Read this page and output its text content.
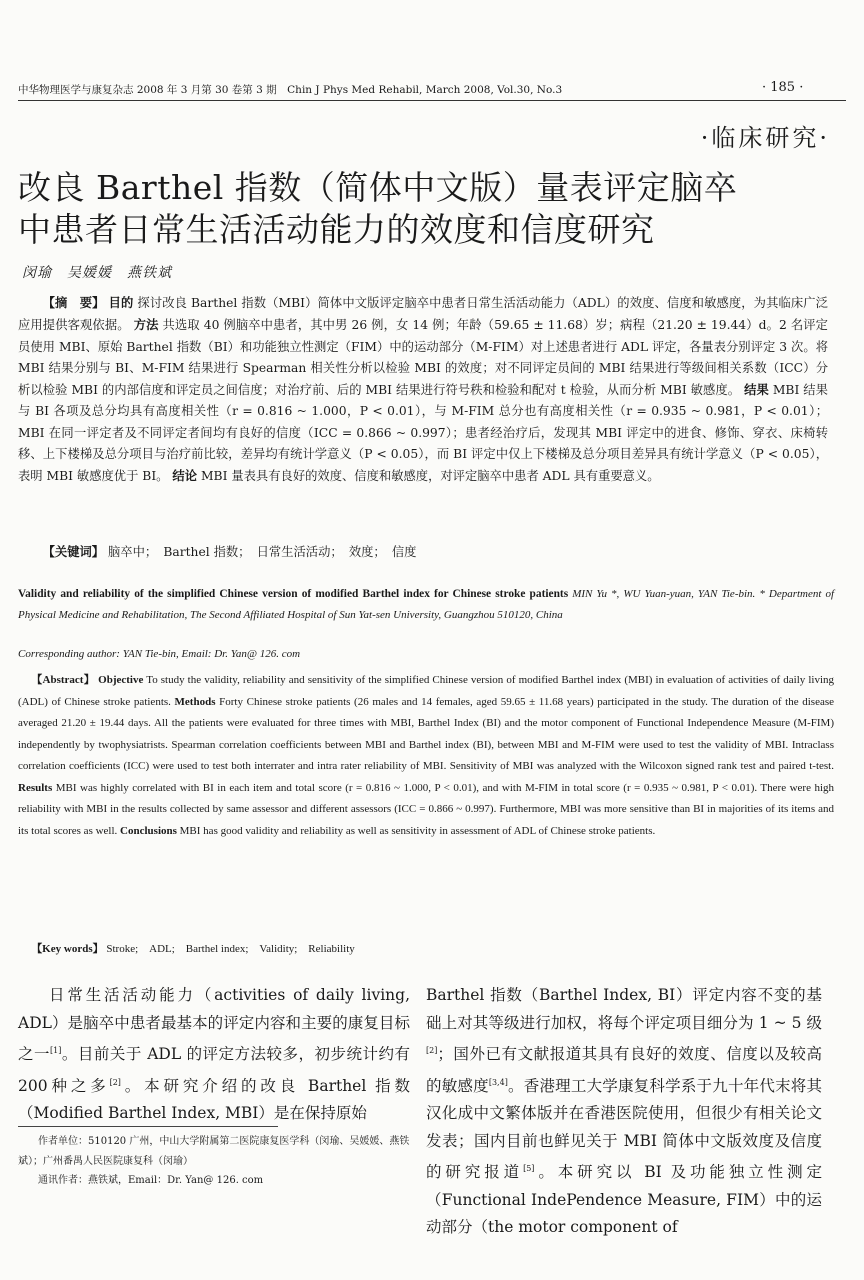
中华物理医学与康复杂志 2008 年 3 月第 30 卷第 3 期　Chin J Phys Med Rehabil, March 2008, Vol.30, No.3	· 185 ·
·临床研究·
改良 Barthel 指数（简体中文版）量表评定脑卒
中患者日常生活活动能力的效度和信度研究
闵瑜　吴媛媛　燕铁斌
【摘　要】 目的 探讨改良 Barthel 指数（MBI）简体中文版评定脑卒中患者日常生活活动能力（ADL）的效度、信度和敏感度，为其临床广泛应用提供客观依据。 方法 共选取 40 例脑卒中患者，其中男 26 例，女 14 例；年龄（59.65 ± 11.68）岁；病程（21.20 ± 19.44）d。2 名评定员使用 MBI、原始 Barthel 指数（BI）和功能独立性测定（FIM）中的运动部分（M-FIM）对上述患者进行 ADL 评定，各量表分别评定 3 次。将 MBI 结果分别与 BI、M-FIM 结果进行 Spearman 相关性分析以检验 MBI 的效度；对不同评定员间的 MBI 结果进行等级间相关系数（ICC）分析以检验 MBI 的内部信度和评定员之间信度；对治疗前、后的 MBI 结果进行符号秩和检验和配对 t 检验，从而分析 MBI 敏感度。 结果 MBI 结果与 BI 各项及总分均具有高度相关性（r = 0.816 ~ 1.000，P < 0.01），与 M-FIM 总分也有高度相关性（r = 0.935 ~ 0.981，P < 0.01）；MBI 在同一评定者及不同评定者间均有良好的信度（ICC = 0.866 ~ 0.997）；患者经治疗后，发现其 MBI 评定中的进食、修饰、穿衣、床椅转移、上下楼梯及总分项目与治疗前比较，差异均有统计学意义（P < 0.05），而 BI 评定中仅上下楼梯及总分项目差异具有统计学意义（P < 0.05），表明 MBI 敏感度优于 BI。 结论 MBI 量表具有良好的效度、信度和敏感度，对评定脑卒中患者 ADL 具有重要意义。
【关键词】 脑卒中；　Barthel 指数；　日常生活活动；　效度；　信度
Validity and reliability of the simplified Chinese version of modified Barthel index for Chinese stroke patients MIN Yu *, WU Yuan-yuan, YAN Tie-bin. * Department of Physical Medicine and Rehabilitation, The Second Affiliated Hospital of Sun Yat-sen University, Guangzhou 510120, China
Corresponding author: YAN Tie-bin, Email: Dr. Yan@ 126. com
【Abstract】 Objective To study the validity, reliability and sensitivity of the simplified Chinese version of modified Barthel index (MBI) in evaluation of activities of daily living (ADL) of Chinese stroke patients. Methods Forty Chinese stroke patients (26 males and 14 females, aged 59.65 ± 11.68 years) participated in the study. The duration of the disease averaged 21.20 ± 19.44 days. All the patients were evaluated for three times with MBI, Barthel Index (BI) and the motor component of Functional Independence Measure (M-FIM) independently by twophysiatrists. Spearman correlation coefficients between MBI and Barthel index (BI), between MBI and M-FIM were used to test the validity of MBI. Intraclass correlation coefficients (ICC) were used to test both interrater and intra rater reliability of MBI. Sensitivity of MBI was analyzed with the Wilcoxon signed rank test and paired t-test. Results MBI was highly correlated with BI in each item and total score (r = 0.816 ~ 1.000, P < 0.01), and with M-FIM in total score (r = 0.935 ~ 0.981, P < 0.01). There were high reliability with MBI in the results collected by same assessor and different assessors (ICC = 0.866 ~ 0.997). Furthermore, MBI was more sensitive than BI in majorities of its items and its total scores as well. Conclusions MBI has good validity and reliability as well as sensitivity in assessment of ADL of Chinese stroke patients.
【Key words】 Stroke;　ADL;　Barthel index;　Validity;　Reliability
日常生活活动能力（activities of daily living, ADL）是脑卒中患者最基本的评定内容和主要的康复目标之一[1]。目前关于 ADL 的评定方法较多，初步统计约有 200种之多[2]。本研究介绍的改良 Barthel 指数（Modified Barthel Index, MBI）是在保持原始
Barthel 指数（Barthel Index, BI）评定内容不变的基础上对其等级进行加权，将每个评定项目细分为 1 ~ 5 级[2]；国外已有文献报道其具有良好的效度、信度以及较高的敏感度[3,4]。香港理工大学康复科学系于九十年代末将其汉化成中文繁体版并在香港医院使用，但很少有相关论文发表；国内目前也鲜见关于 MBI 简体中文版效度及信度的研究报道[5]。本研究以 BI 及功能独立性测定（Functional IndePendence Measure, FIM）中的运动部分（the motor component of
作者单位：510120 广州，中山大学附属第二医院康复医学科（闵瑜、吴媛媛、燕铁斌）；广州番禺人民医院康复科（闵瑜）
通讯作者：燕铁斌，Email：Dr. Yan@ 126. com
